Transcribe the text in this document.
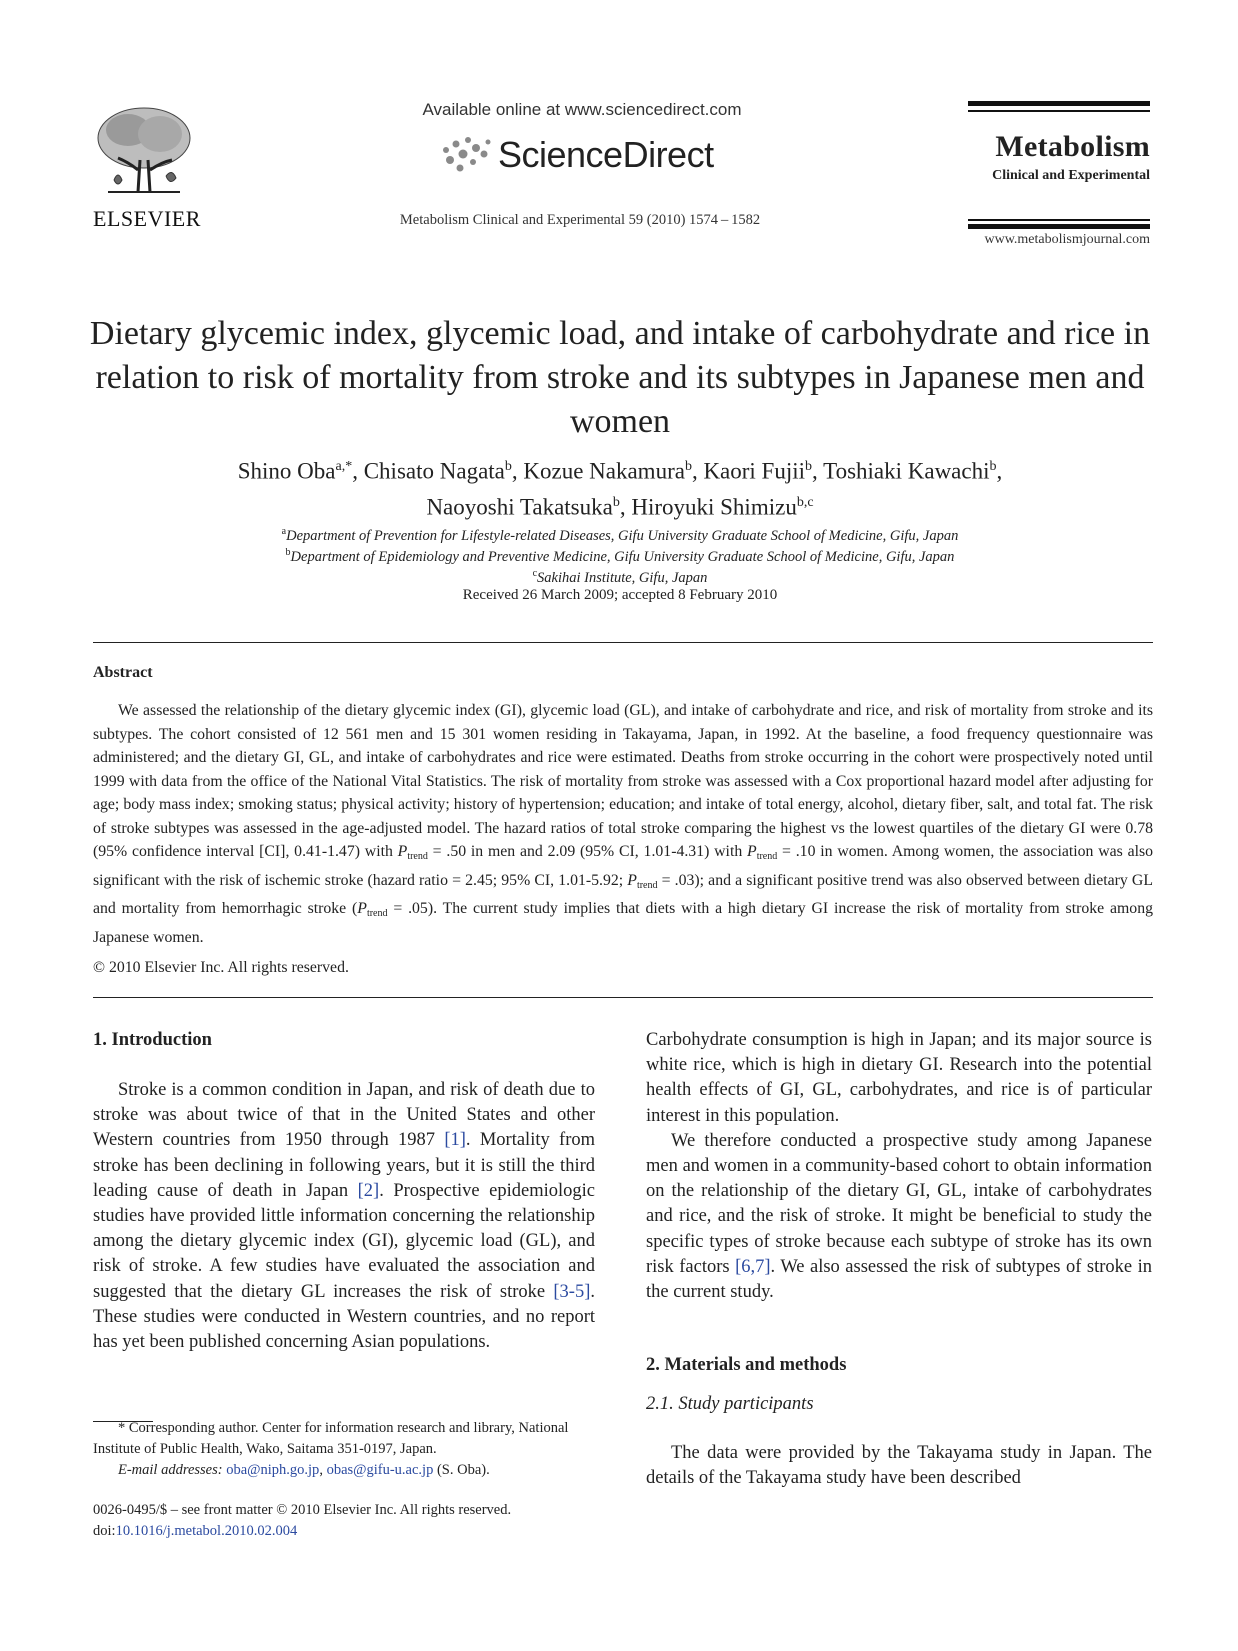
ELSEVIER
Available online at www.sciencedirect.com
ScienceDirect
Metabolism Clinical and Experimental 59 (2010) 1574 – 1582
Metabolism
Clinical and Experimental
www.metabolismjournal.com
Dietary glycemic index, glycemic load, and intake of carbohydrate and rice in relation to risk of mortality from stroke and its subtypes in Japanese men and women
Shino Oba$^{a,*}$, Chisato Nagata$^b$, Kozue Nakamura$^b$, Kaori Fujii$^b$, Toshiaki Kawachi$^b$,
Naoyoshi Takatsuka$^b$, Hiroyuki Shimizu$^{b,c}$
$^a$Department of Prevention for Lifestyle-related Diseases, Gifu University Graduate School of Medicine, Gifu, Japan
$^b$Department of Epidemiology and Preventive Medicine, Gifu University Graduate School of Medicine, Gifu, Japan
$^c$Sakihai Institute, Gifu, Japan
Received 26 March 2009; accepted 8 February 2010
Abstract

We assessed the relationship of the dietary glycemic index (GI), glycemic load (GL), and intake of carbohydrate and rice, and risk of mortality from stroke and its subtypes. The cohort consisted of 12 561 men and 15 301 women residing in Takayama, Japan, in 1992. At the baseline, a food frequency questionnaire was administered; and the dietary GI, GL, and intake of carbohydrates and rice were estimated. Deaths from stroke occurring in the cohort were prospectively noted until 1999 with data from the office of the National Vital Statistics. The risk of mortality from stroke was assessed with a Cox proportional hazard model after adjusting for age; body mass index; smoking status; physical activity; history of hypertension; education; and intake of total energy, alcohol, dietary fiber, salt, and total fat. The risk of stroke subtypes was assessed in the age-adjusted model. The hazard ratios of total stroke comparing the highest vs the lowest quartiles of the dietary GI were 0.78 (95% confidence interval [CI], 0.41-1.47) with $P_{trend} = .50$ in men and 2.09 (95% CI, 1.01-4.31) with $P_{trend} = .10$ in women. Among women, the association was also significant with the risk of ischemic stroke (hazard ratio = 2.45; 95% CI, 1.01-5.92; $P_{trend} = .03$); and a significant positive trend was also observed between dietary GL and mortality from hemorrhagic stroke $(P_{trend} = .05)$. The current study implies that diets with a high dietary GI increase the risk of mortality from stroke among Japanese women.

© 2010 Elsevier Inc. All rights reserved.
1. Introduction

Stroke is a common condition in Japan, and risk of death due to stroke was about twice of that in the United States and other Western countries from 1950 through 1987 [1]. Mortality from stroke has been declining in following years, but it is still the third leading cause of death in Japan [2]. Prospective epidemiologic studies have provided little information concerning the relationship among the dietary glycemic index (GI), glycemic load (GL), and risk of stroke. A few studies have evaluated the association and suggested that the dietary GL increases the risk of stroke [3-5]. These studies were conducted in Western countries, and no report has yet been published concerning Asian populations.

* Corresponding author. Center for information research and library, National Institute of Public Health, Wako, Saitama 351-0197, Japan.

E-mail addresses: oba@niph.go.jp, obas@gifu-u.ac.jp (S. Oba).

0026-0495/$ – see front matter © 2010 Elsevier Inc. All rights reserved.
doi:10.1016/j.metabol.2010.02.004

Carbohydrate consumption is high in Japan; and its major source is white rice, which is high in dietary GI. Research into the potential health effects of GI, GL, carbohydrates, and rice is of particular interest in this population.

We therefore conducted a prospective study among Japanese men and women in a community-based cohort to obtain information on the relationship of the dietary GI, GL, intake of carbohydrates and rice, and the risk of stroke. It might be beneficial to study the specific types of stroke because each subtype of stroke has its own risk factors [6,7]. We also assessed the risk of subtypes of stroke in the current study.

2. Materials and methods
2.1. Study participants

The data were provided by the Takayama study in Japan. The details of the Takayama study have been described
